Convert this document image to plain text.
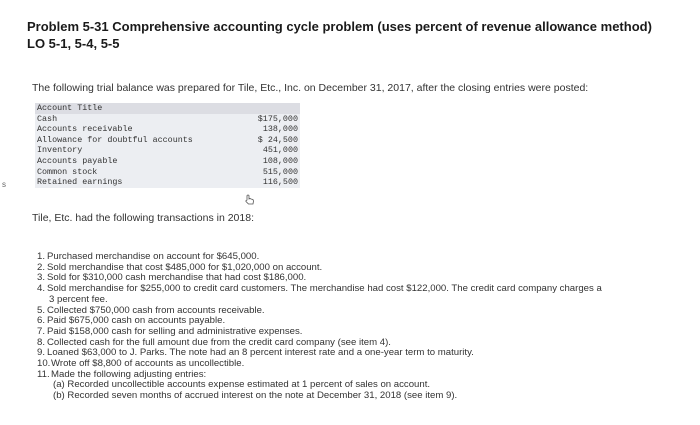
Problem 5-31 Comprehensive accounting cycle problem (uses percent of revenue allowance method)
LO 5-1, 5-4, 5-5
The following trial balance was prepared for Tile, Etc., Inc. on December 31, 2017, after the closing entries were posted:
s
Account Title
Cash	$175,000
Accounts receivable	138,000
Allowance for doubtful accounts	$ 24,500
Inventory	451,000
Accounts payable	108,000
Common stock	515,000
Retained earnings	116,500
Tile, Etc. had the following transactions in 2018:
1. Purchased merchandise on account for $645,000.
2. Sold merchandise that cost $485,000 for $1,020,000 on account.
3. Sold for $310,000 cash merchandise that had cost $186,000.
4. Sold merchandise for $255,000 to credit card customers. The merchandise had cost $122,000. The credit card company charges a
3 percent fee.
5. Collected $750,000 cash from accounts receivable.
6. Paid $675,000 cash on accounts payable.
7. Paid $158,000 cash for selling and administrative expenses.
8. Collected cash for the full amount due from the credit card company (see item 4).
9. Loaned $63,000 to J. Parks. The note had an 8 percent interest rate and a one-year term to maturity.
10. Wrote off $8,800 of accounts as uncollectible.
11. Made the following adjusting entries:
(a) Recorded uncollectible accounts expense estimated at 1 percent of sales on account.
(b) Recorded seven months of accrued interest on the note at December 31, 2018 (see item 9).
